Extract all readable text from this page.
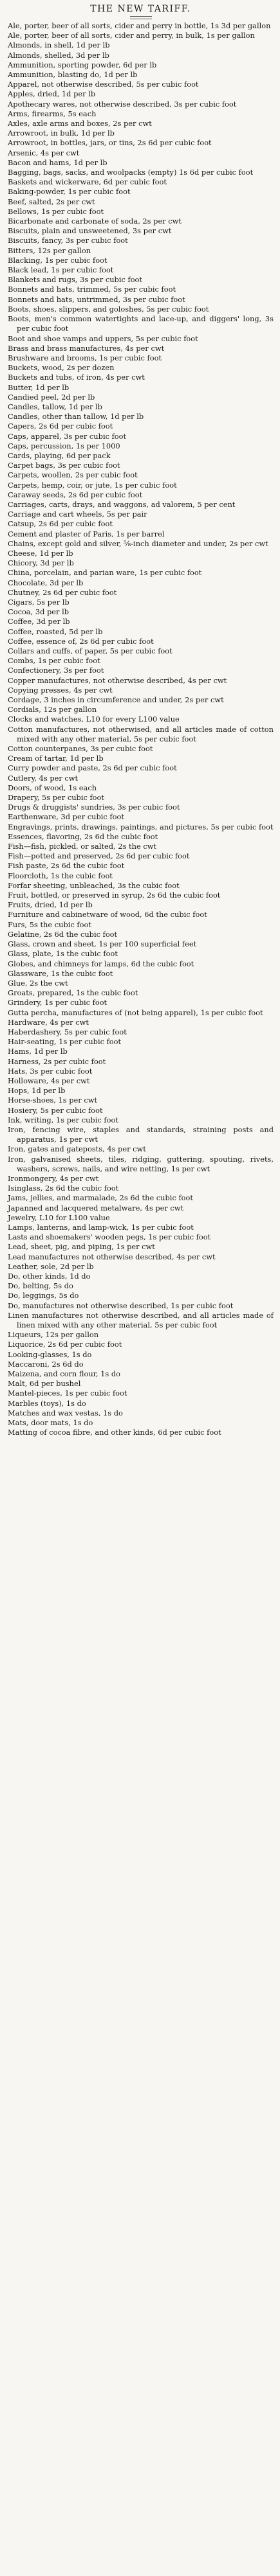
THE NEW TARIFF.

Ale, porter, beer of all sorts, cider and perry in bottle, 1s 3d per gallon

Ale, porter, beer of all sorts, cider and perry, in bulk, 1s per gallon

Almonds, in shell, 1d per lb

Almonds, shelled, 3d per lb

Ammunition, sporting powder, 6d per lb

Ammunition, blasting do, 1d per lb

Apparel, not otherwise described, 5s per cubic foot

Apples, dried, 1d per lb

Apothecary wares, not otherwise described, 3s per cubic foot

Arms, firearms, 5s each

Axles, axle arms and boxes, 2s per cwt

Arrowroot, in bulk, 1d per lb

Arrowroot, in bottles, jars, or tins, 2s 6d per cubic foot

Arsenic, 4s per cwt

Bacon and hams, 1d per lb

Bagging, bags, sacks, and woolpacks (empty) 1s 6d per cubic foot

Baskets and wickerware, 6d per cubic foot

Baking-powder, 1s per cubic foot

Beef, salted, 2s per cwt

Bellows, 1s per cubic foot

Bicarbonate and carbonate of soda, 2s per cwt

Biscuits, plain and unsweetened, 3s per cwt

Biscuits, fancy, 3s per cubic foot

Bitters, 12s per gallon

Blacking, 1s per cubic foot

Black lead, 1s per cubic foot

Blankets and rugs, 3s per cubic foot

Bonnets and hats, trimmed, 5s per cubic foot

Bonnets and hats, untrimmed, 3s per cubic foot

Boots, shoes, slippers, and goloshes, 5s per cubic foot

Boots, men's common watertights and lace-up, and diggers' long, 3s per cubic foot

Boot and shoe vamps and uppers, 5s per cubic foot

Brass and brass manufactures, 4s per cwt

Brushware and brooms, 1s per cubic foot

Buckets, wood, 2s per dozen

Buckets and tubs, of iron, 4s per cwt

Butter, 1d per lb

Candied peel, 2d per lb

Candles, tallow, 1d per lb

Candles, other than tallow, 1d per lb

Capers, 2s 6d per cubic foot

Caps, apparel, 3s per cubic foot

Caps, percussion, 1s per 1000

Cards, playing, 6d per pack

Carpet bags, 3s per cubic foot

Carpets, woollen, 2s per cubic foot

Carpets, hemp, coir, or jute, 1s per cubic foot

Caraway seeds, 2s 6d per cubic foot

Carriages, carts, drays, and waggons, ad valorem, 5 per cent

Carriage and cart wheels, 5s per pair

Catsup, 2s 6d per cubic foot

Cement and plaster of Paris, 1s per barrel

Chains, except gold and silver, ⅝-inch diameter and under, 2s per cwt

Cheese, 1d per lb

Chicory, 3d per lb

China, porcelain, and parian ware, 1s per cubic foot

Chocolate, 3d per lb

Chutney, 2s 6d per cubic foot

Cigars, 5s per lb

Cocoa, 3d per lb

Coffee, 3d per lb

Coffee, roasted, 5d per lb

Coffee, essence of, 2s 6d per cubic foot

Collars and cuffs, of paper, 5s per cubic foot

Combs, 1s per cubic foot

Confectionery, 3s per foot

Copper manufactures, not otherwise described, 4s per cwt

Copying presses, 4s per cwt

Cordage, 3 inches in circumference and under, 2s per cwt

Cordials, 12s per gallon

Clocks and watches, L10 for every L100 value

Cotton manufactures, not otherwised, and all articles made of cotton mixed with any other material, 5s per cubic foot

Cotton counterpanes, 3s per cubic foot

Cream of tartar, 1d per lb

Curry powder and paste, 2s 6d per cubic foot

Cutlery, 4s per cwt

Doors, of wood, 1s each

Drapery, 5s per cubic foot

Drugs & druggists' sundries, 3s per cubic foot

Earthenware, 3d per cubic foot

Engravings, prints, drawings, paintings, and pictures, 5s per cubic foot

Essences, flavoring, 2s 6d the cubic foot

Fish—fish, pickled, or salted, 2s the cwt

Fish—potted and preserved, 2s 6d per cubic foot

Fish paste, 2s 6d the cubic foot

Floorcloth, 1s the cubic foot

Forfar sheeting, unbleached, 3s the cubic foot

Fruit, bottled, or preserved in syrup, 2s 6d the cubic foot

Fruits, dried, 1d per lb

Furniture and cabinetware of wood, 6d the cubic foot

Furs, 5s the cubic foot

Gelatine, 2s 6d the cubic foot

Glass, crown and sheet, 1s per 100 superficial feet

Glass, plate, 1s the cubic foot

Globes, and chimneys for lamps, 6d the cubic foot

Glassware, 1s the cubic foot

Glue, 2s the cwt

Groats, prepared, 1s the cubic foot

Grindery, 1s per cubic foot

Gutta percha, manufactures of (not being apparel), 1s per cubic foot

Hardware, 4s per cwt

Haberdashery, 5s per cubic foot

Hair-seating, 1s per cubic foot

Hams, 1d per lb

Harness, 2s per cubic foot

Hats, 3s per cubic foot

Holloware, 4s per cwt

Hops, 1d per lb

Horse-shoes, 1s per cwt

Hosiery, 5s per cubic foot

Ink, writing, 1s per cubic foot

Iron, fencing wire, staples and standards, straining posts and apparatus, 1s per cwt

Iron, gates and gateposts, 4s per cwt

Iron, galvanised sheets, tiles, ridging, guttering, spouting, rivets, washers, screws, nails, and wire netting, 1s per cwt

Ironmongery, 4s per cwt

Isinglass, 2s 6d the cubic foot

Jams, jellies, and marmalade, 2s 6d the cubic foot

Japanned and lacquered metalware, 4s per cwt

Jewelry, L10 for L100 value

Lamps, lanterns, and lamp-wick, 1s per cubic foot

Lasts and shoemakers' wooden pegs, 1s per cubic foot

Lead, sheet, pig, and piping, 1s per cwt

Lead manufactures not otherwise described, 4s per cwt

Leather, sole, 2d per lb

Do, other kinds, 1d do

Do, belting, 5s do

Do, leggings, 5s do

Do, manufactures not otherwise described, 1s per cubic foot

Linen manufactures not otherwise described, and all articles made of linen mixed with any other material, 5s per cubic foot

Liqueurs, 12s per gallon

Liquorice, 2s 6d per cubic foot

Looking-glasses, 1s do

Maccaroni, 2s 6d do

Maizena, and corn flour, 1s do

Malt, 6d per bushel

Mantel-pieces, 1s per cubic foot

Marbles (toys), 1s do

Matches and wax vestas, 1s do

Mats, door mats, 1s do

Matting of cocoa fibre, and other kinds, 6d per cubic foot
